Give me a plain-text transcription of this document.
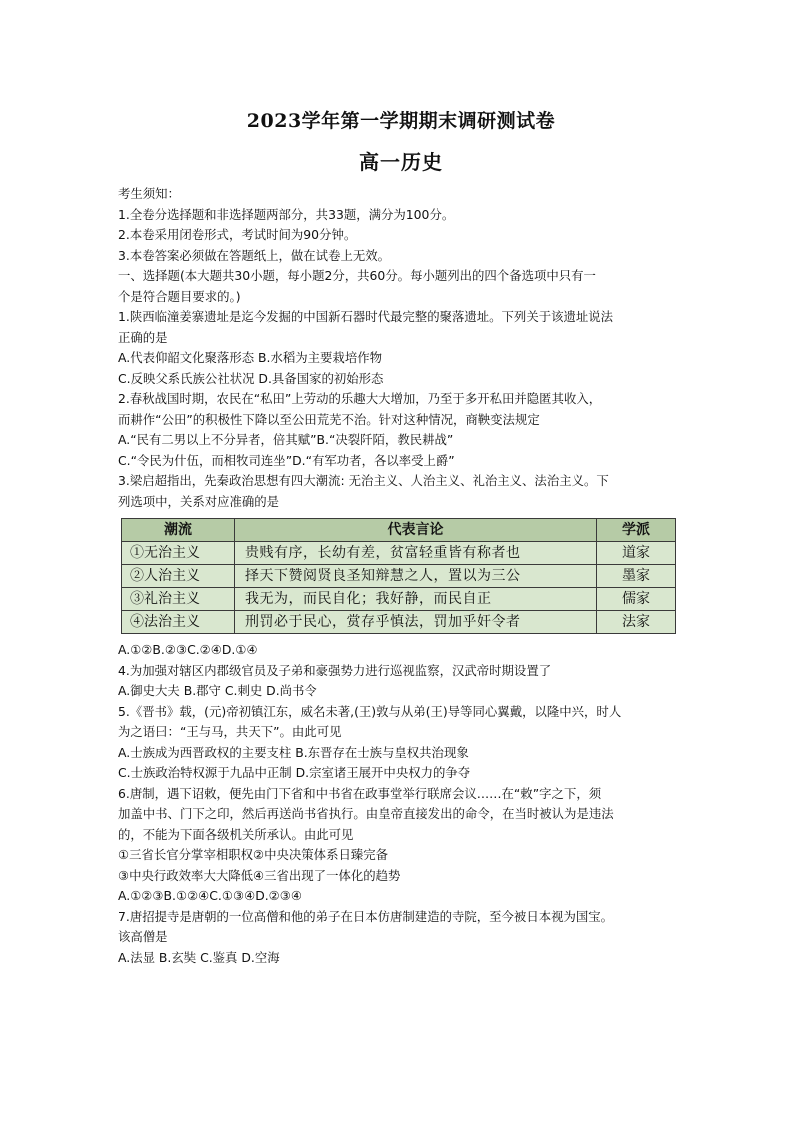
2023学年第一学期期末调研测试卷
高一历史
考生须知：
1.全卷分选择题和非选择题两部分，共33题，满分为100分。
2.本卷采用闭卷形式，考试时间为90分钟。
3.本卷答案必须做在答题纸上，做在试卷上无效。
一、选择题(本大题共30小题，每小题2分，共60分。每小题列出的四个备选项中只有一
个是符合题目要求的。)
1.陕西临潼姜寨遗址是迄今发掘的中国新石器时代最完整的聚落遗址。下列关于该遗址说法
正确的是
A.代表仰韶文化聚落形态 B.水稻为主要栽培作物
C.反映父系氏族公社状况 D.具备国家的初始形态
2.春秋战国时期，农民在“私田”上劳动的乐趣大大增加，乃至于多开私田并隐匿其收入，
而耕作“公田”的积极性下降以至公田荒芜不治。针对这种情况，商鞅变法规定
A.“民有二男以上不分异者，倍其赋”B.“决裂阡陌，教民耕战”
C.“令民为什伍，而相牧司连坐”D.“有军功者，各以率受上爵”
3.梁启超指出，先秦政治思想有四大潮流: 无治主义、人治主义、礼治主义、法治主义。下
列选项中，关系对应准确的是
潮流	代表言论	学派
①无治主义	贵贱有序，长幼有差，贫富轻重皆有称者也	道家
②人治主义	择天下赞阅贤良圣知辩慧之人，置以为三公	墨家
③礼治主义	我无为，而民自化；我好静，而民自正	儒家
④法治主义	刑罚必于民心，赏存乎慎法，罚加乎奸令者	法家
A.①②B.②③C.②④D.①④
4.为加强对辖区内郡级官员及子弟和豪强势力进行巡视监察，汉武帝时期设置了
A.御史大夫 B.郡守 C.刺史 D.尚书令
5.《晋书》载，(元)帝初镇江东，威名未著,(王)敦与从弟(王)导等同心翼戴，以隆中兴，时人
为之语曰：“王与马，共天下”。由此可见
A.士族成为西晋政权的主要支柱 B.东晋存在士族与皇权共治现象
C.士族政治特权源于九品中正制 D.宗室诸王展开中央权力的争夺
6.唐制，遇下诏敕，便先由门下省和中书省在政事堂举行联席会议……在“敕”字之下，须
加盖中书、门下之印，然后再送尚书省执行。由皇帝直接发出的命令，在当时被认为是违法
的，不能为下面各级机关所承认。由此可见
①三省长官分掌宰相职权②中央决策体系日臻完备
③中央行政效率大大降低④三省出现了一体化的趋势
A.①②③B.①②④C.①③④D.②③④
7.唐招提寺是唐朝的一位高僧和他的弟子在日本仿唐制建造的寺院，至今被日本视为国宝。
该高僧是
A.法显 B.玄奘 C.鉴真 D.空海
